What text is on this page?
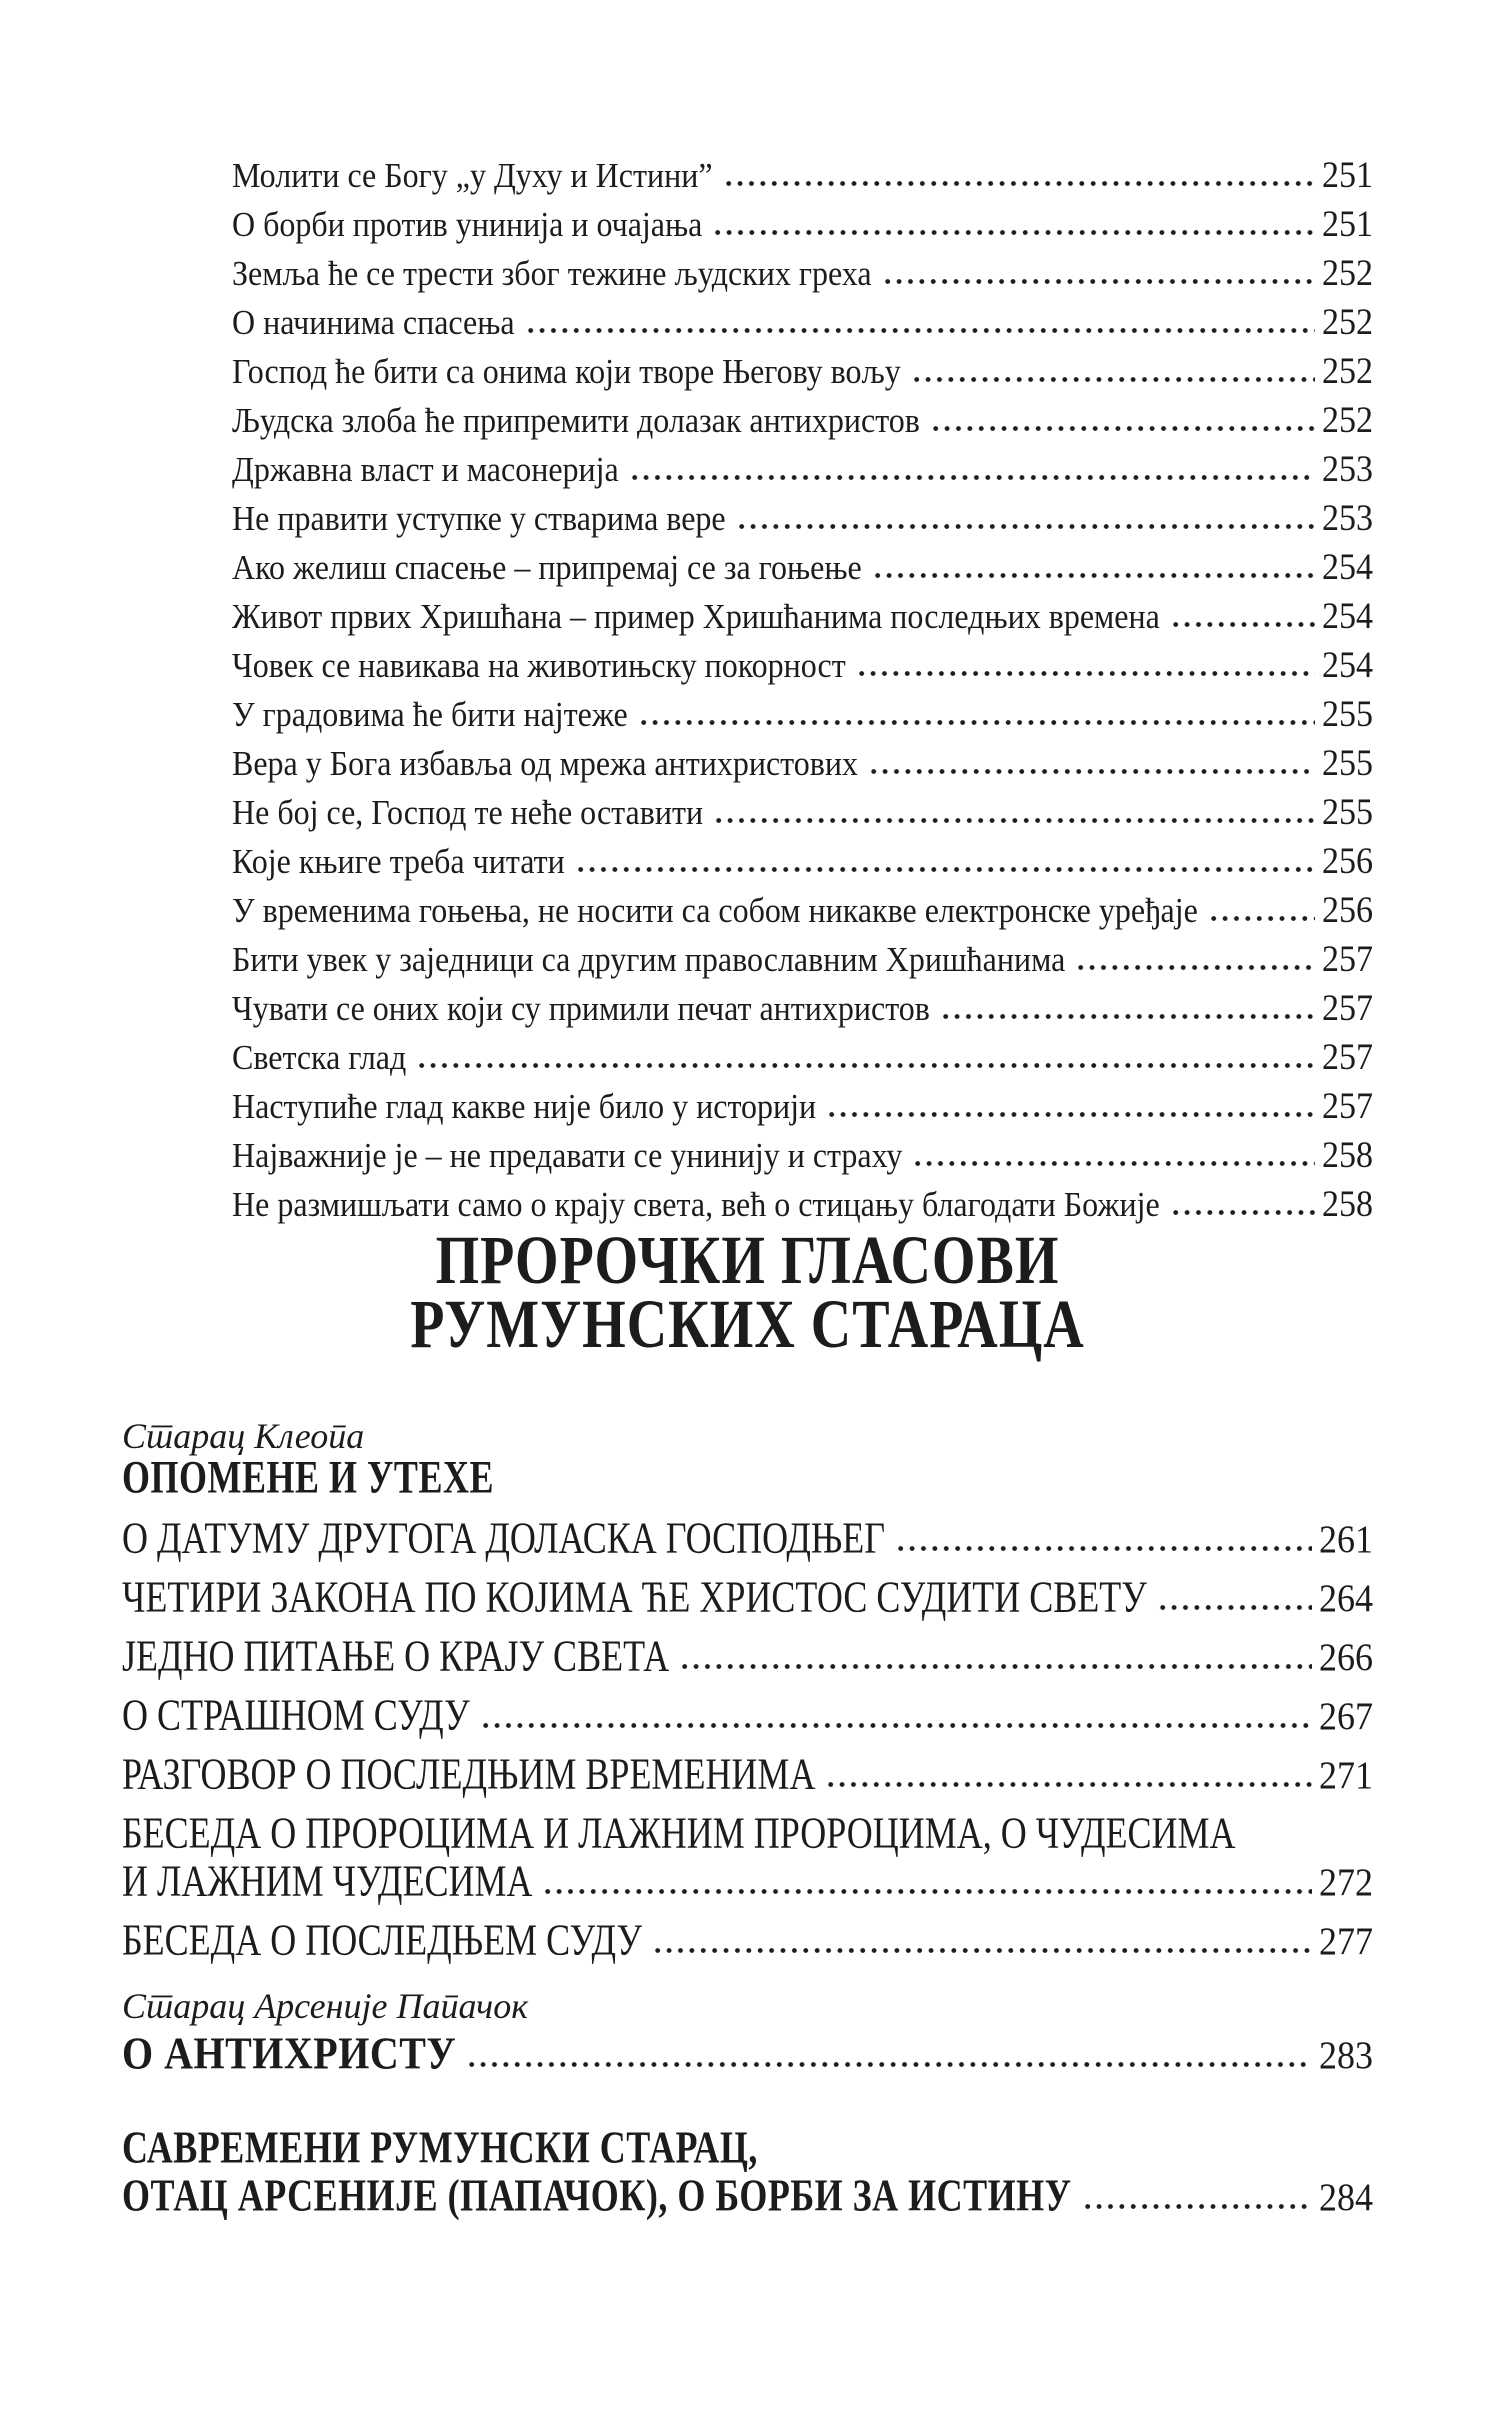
Молити се Богу „у Духу и Истини”	251
О борби против унинија и очајања	251
Земља ће се трести због тежине људских греха	252
О начинима спасења	252
Господ ће бити са онима који творе Његову вољу	252
Људска злоба ће припремити долазак антихристов	252
Државна власт и масонерија	253
Не правити уступке у стварима вере	253
Ако желиш спасење – припремај се за гоњење	254
Живот првих Хришћана – пример Хришћанима последњих времена	254
Човек се навикава на животињску покорност	254
У градовима ће бити најтеже	255
Вера у Бога избавља од мрежа антихристових	255
Не бој се, Господ те неће оставити	255
Које књиге треба читати	256
У временима гоњења, не носити са собом никакве електронске уређаје	256
Бити увек у заједници са другим православним Хришћанима	257
Чувати се оних који су примили печат антихристов	257
Светска глад	257
Наступиће глад какве није било у историји	257
Најважније је – не предавати се унинију и страху	258
Не размишљати само о крају света, већ о стицању благодати Божије	258
ПРОРОЧКИ ГЛАСОВИ
РУМУНСКИХ СТАРАЦА
Старац Клеопа
ОПОМЕНЕ И УТЕХЕ
О ДАТУМУ ДРУГОГА ДОЛАСКА ГОСПОДЊЕГ	261
ЧЕТИРИ ЗАКОНА ПО КОЈИМА ЋЕ ХРИСТОС СУДИТИ СВЕТУ	264
ЈЕДНО ПИТАЊЕ О КРАЈУ СВЕТА	266
О СТРАШНОМ СУДУ	267
РАЗГОВОР О ПОСЛЕДЊИМ ВРЕМЕНИМА	271
БЕСЕДА О ПРОРОЦИМА И ЛАЖНИМ ПРОРОЦИМА, О ЧУДЕСИМА
И ЛАЖНИМ ЧУДЕСИМА	272
БЕСЕДА О ПОСЛЕДЊЕМ СУДУ	277
Старац Арсеније Папачок
О АНТИХРИСТУ	283
САВРЕМЕНИ РУМУНСКИ СТАРАЦ,
ОТАЦ АРСЕНИЈЕ (ПАПАЧОК), О БОРБИ ЗА ИСТИНУ	284
